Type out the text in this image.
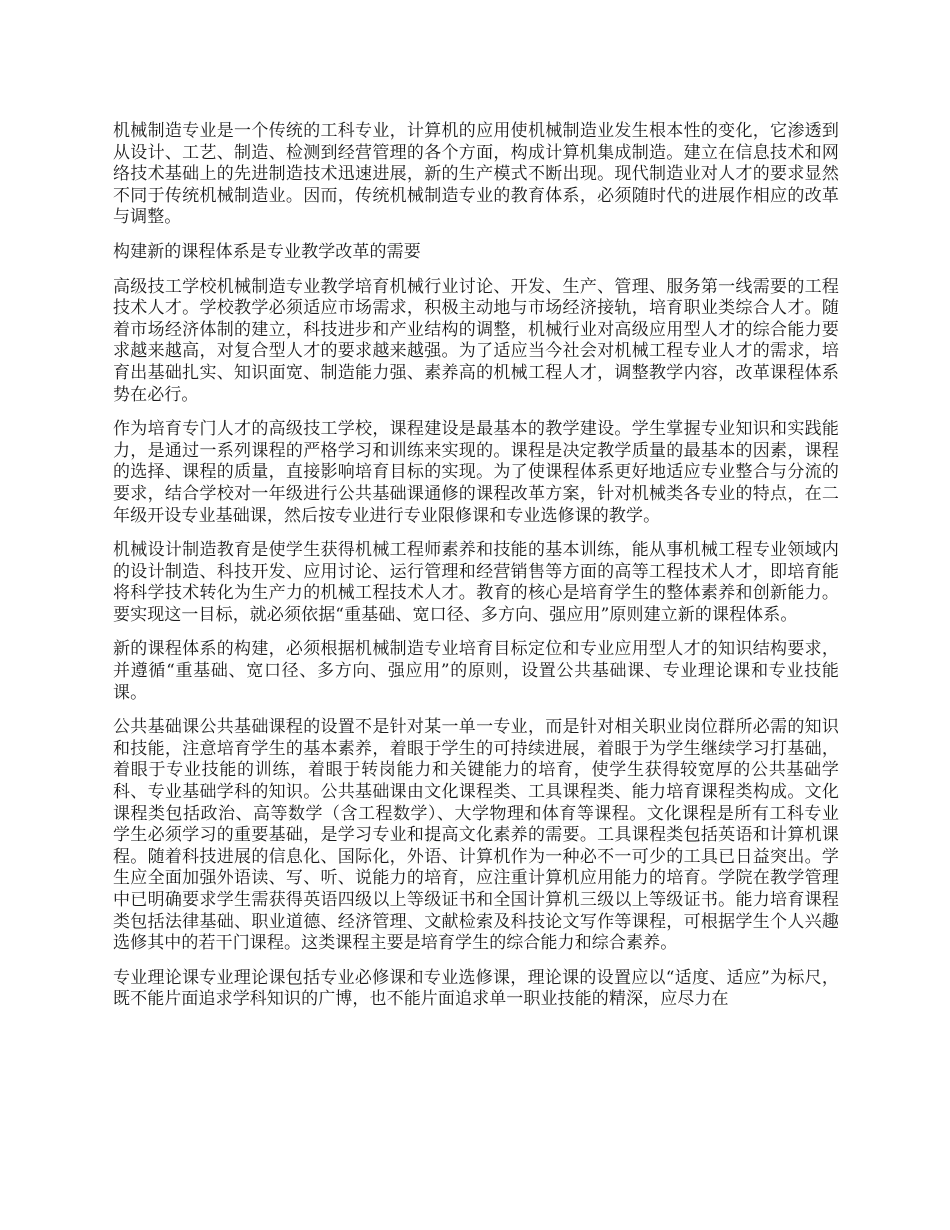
机械制造专业是一个传统的工科专业，计算机的应用使机械制造业发生根本性的变化，它渗透到从设计、工艺、制造、检测到经营管理的各个方面，构成计算机集成制造。建立在信息技术和网络技术基础上的先进制造技术迅速进展，新的生产模式不断出现。现代制造业对人才的要求显然不同于传统机械制造业。因而，传统机械制造专业的教育体系，必须随时代的进展作相应的改革与调整。

构建新的课程体系是专业教学改革的需要

高级技工学校机械制造专业教学培育机械行业讨论、开发、生产、管理、服务第一线需要的工程技术人才。学校教学必须适应市场需求，积极主动地与市场经济接轨，培育职业类综合人才。随着市场经济体制的建立，科技进步和产业结构的调整，机械行业对高级应用型人才的综合能力要求越来越高，对复合型人才的要求越来越强。为了适应当今社会对机械工程专业人才的需求，培育出基础扎实、知识面宽、制造能力强、素养高的机械工程人才，调整教学内容，改革课程体系势在必行。

作为培育专门人才的高级技工学校，课程建设是最基本的教学建设。学生掌握专业知识和实践能力，是通过一系列课程的严格学习和训练来实现的。课程是决定教学质量的最基本的因素，课程的选择、课程的质量，直接影响培育目标的实现。为了使课程体系更好地适应专业整合与分流的要求，结合学校对一年级进行公共基础课通修的课程改革方案，针对机械类各专业的特点，在二年级开设专业基础课，然后按专业进行专业限修课和专业选修课的教学。

机械设计制造教育是使学生获得机械工程师素养和技能的基本训练，能从事机械工程专业领域内的设计制造、科技开发、应用讨论、运行管理和经营销售等方面的高等工程技术人才，即培育能将科学技术转化为生产力的机械工程技术人才。教育的核心是培育学生的整体素养和创新能力。要实现这一目标，就必须依据“重基础、宽口径、多方向、强应用”原则建立新的课程体系。

新的课程体系的构建，必须根据机械制造专业培育目标定位和专业应用型人才的知识结构要求，并遵循“重基础、宽口径、多方向、强应用”的原则，设置公共基础课、专业理论课和专业技能课。

公共基础课公共基础课程的设置不是针对某一单一专业，而是针对相关职业岗位群所必需的知识和技能，注意培育学生的基本素养，着眼于学生的可持续进展，着眼于为学生继续学习打基础，着眼于专业技能的训练，着眼于转岗能力和关键能力的培育，使学生获得较宽厚的公共基础学科、专业基础学科的知识。公共基础课由文化课程类、工具课程类、能力培育课程类构成。文化课程类包括政治、高等数学（含工程数学）、大学物理和体育等课程。文化课程是所有工科专业学生必须学习的重要基础，是学习专业和提高文化素养的需要。工具课程类包括英语和计算机课程。随着科技进展的信息化、国际化，外语、计算机作为一种必不一可少的工具已日益突出。学生应全面加强外语读、写、听、说能力的培育，应注重计算机应用能力的培育。学院在教学管理中已明确要求学生需获得英语四级以上等级证书和全国计算机三级以上等级证书。能力培育课程类包括法律基础、职业道德、经济管理、文献检索及科技论文写作等课程，可根据学生个人兴趣选修其中的若干门课程。这类课程主要是培育学生的综合能力和综合素养。

专业理论课专业理论课包括专业必修课和专业选修课，理论课的设置应以“适度、适应”为标尺，既不能片面追求学科知识的广博，也不能片面追求单一职业技能的精深，应尽力在
